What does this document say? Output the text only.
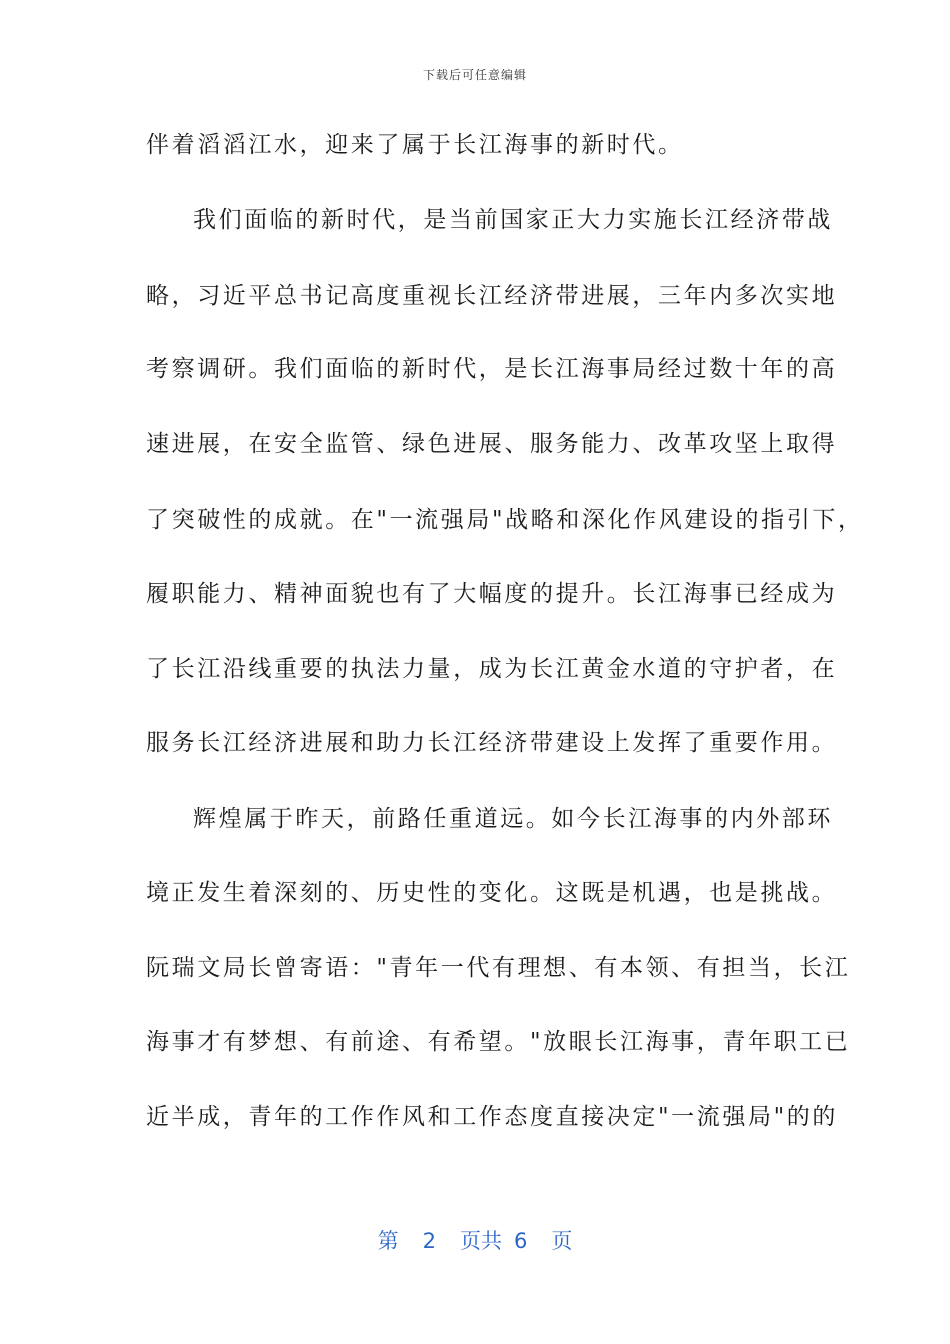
下载后可任意编辑
伴着滔滔江水，迎来了属于长江海事的新时代。
我们面临的新时代，是当前国家正大力实施长江经济带战
略，习近平总书记高度重视长江经济带进展，三年内多次实地
考察调研。我们面临的新时代，是长江海事局经过数十年的高
速进展，在安全监管、绿色进展、服务能力、改革攻坚上取得
了突破性的成就。在"一流强局"战略和深化作风建设的指引下，
履职能力、精神面貌也有了大幅度的提升。长江海事已经成为
了长江沿线重要的执法力量，成为长江黄金水道的守护者，在
服务长江经济进展和助力长江经济带建设上发挥了重要作用。
辉煌属于昨天，前路任重道远。如今长江海事的内外部环
境正发生着深刻的、历史性的变化。这既是机遇，也是挑战。
阮瑞文局长曾寄语："青年一代有理想、有本领、有担当，长江
海事才有梦想、有前途、有希望。"放眼长江海事，青年职工已
近半成，青年的工作作风和工作态度直接决定"一流强局"的的
第 2 页共 6 页
